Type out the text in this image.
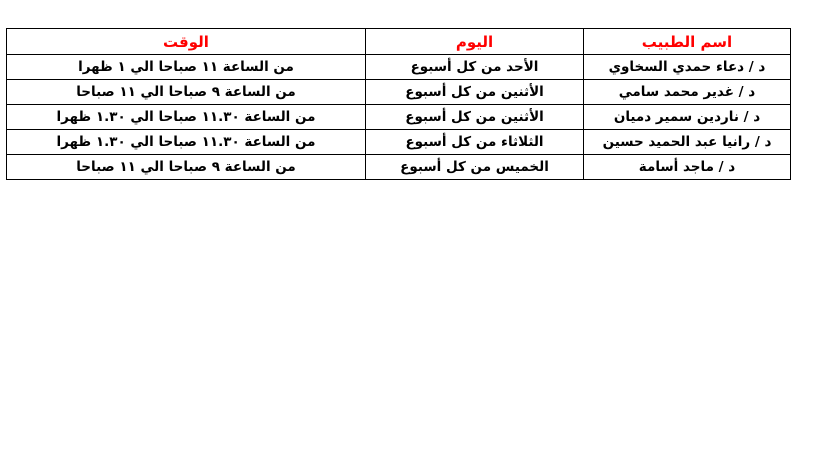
اسم الطبيب	اليوم	الوقت
د / دعاء حمدي السخاوي	الأحد من كل أسبوع	من الساعة ١١ صباحا الي ١ ظهرا
د / غدير محمد سامي	الأثنين من كل أسبوع	من الساعة ٩ صباحا الي ١١ صباحا
د / ناردين سمير دميان	الأثنين من كل أسبوع	من الساعة ١١.٣٠ صباحا الي ١.٣٠ ظهرا
د / رانيا عبد الحميد حسين	الثلاثاء من كل أسبوع	من الساعة ١١.٣٠ صباحا الي ١.٣٠ ظهرا
د / ماجد أسامة	الخميس من كل أسبوع	من الساعة ٩ صباحا الي ١١ صباحا
